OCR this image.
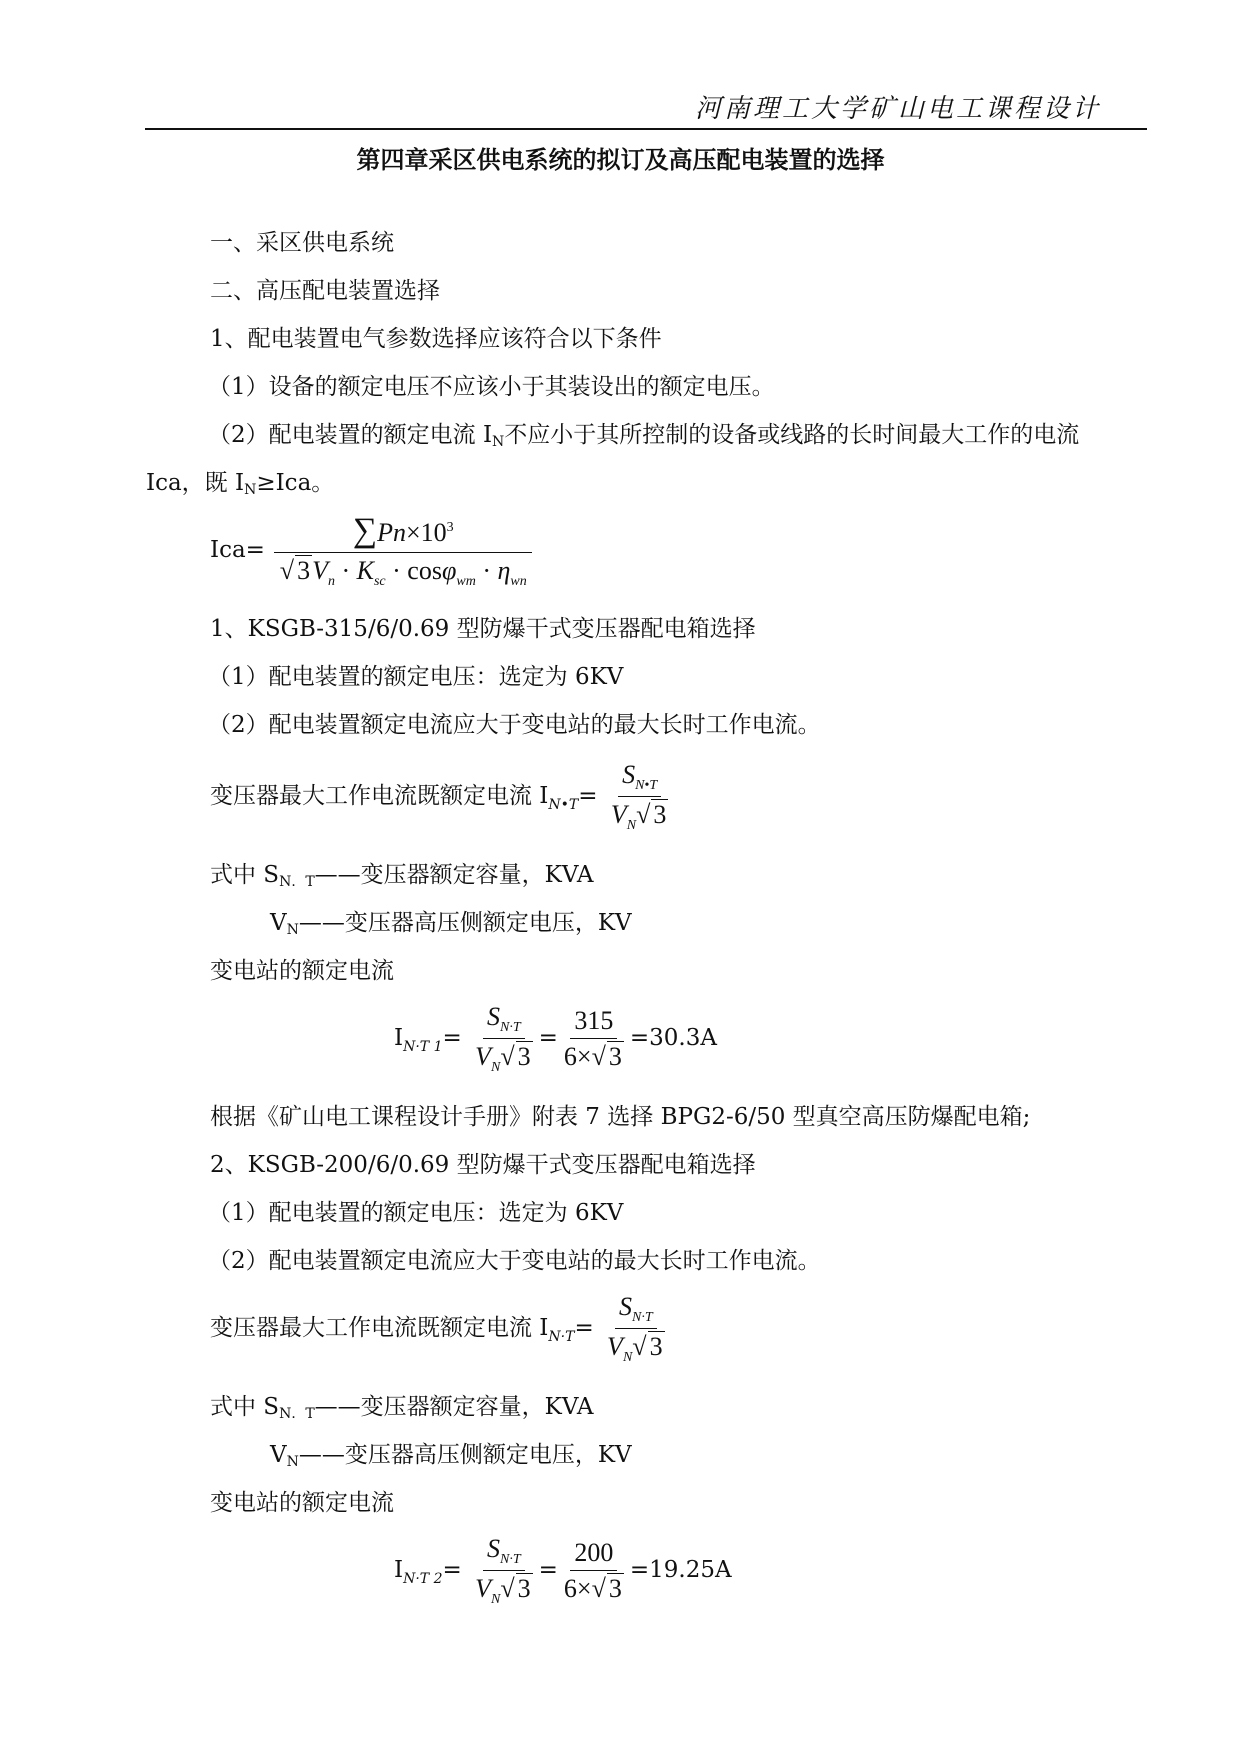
河南理工大学矿山电工课程设计
第四章采区供电系统的拟订及高压配电装置的选择
一、采区供电系统
二、高压配电装置选择
1、配电装置电气参数选择应该符合以下条件
（1）设备的额定电压不应该小于其装设出的额定电压。
（2）配电装置的额定电流 IN不应小于其所控制的设备或线路的长时间最大工作的电流
Ica，既 IN≥Ica。
$Ica= \frac{\sum Pn\times 10^3}{√ 3V_n \cdot K_{sc} \cdot \cos\varphi_{wm} \cdot \eta_{wn}}$
1、KSGB-315/6/0.69 型防爆干式变压器配电箱选择
（1）配电装置的额定电压：选定为 6KV
（2）配电装置额定电流应大于变电站的最大长时工作电流。
变压器最大工作电流既额定电流 $I_{N•T}= \frac{S_{N•T}}{V_N√ 3}$
式中 SN．T——变压器额定容量，KVA
VN——变压器高压侧额定电压，KV
变电站的额定电流
$I_{N\cdot T 1}= \frac{S_{N\cdot T}}{V_N√ 3} = \frac{315}{6\times√ 3} =30.3A$
根据《矿山电工课程设计手册》附表 7 选择 BPG2-6/50 型真空高压防爆配电箱;
2、KSGB-200/6/0.69 型防爆干式变压器配电箱选择
（1）配电装置的额定电压：选定为 6KV
（2）配电装置额定电流应大于变电站的最大长时工作电流。
变压器最大工作电流既额定电流 $I_{N\cdot T}= \frac{S_{N\cdot T}}{V_N√ 3}$
式中 SN．T——变压器额定容量，KVA
VN——变压器高压侧额定电压，KV
变电站的额定电流
$I_{N\cdot T 2}= \frac{S_{N\cdot T}}{V_N√ 3} = \frac{200}{6\times√ 3} =19.25A$
